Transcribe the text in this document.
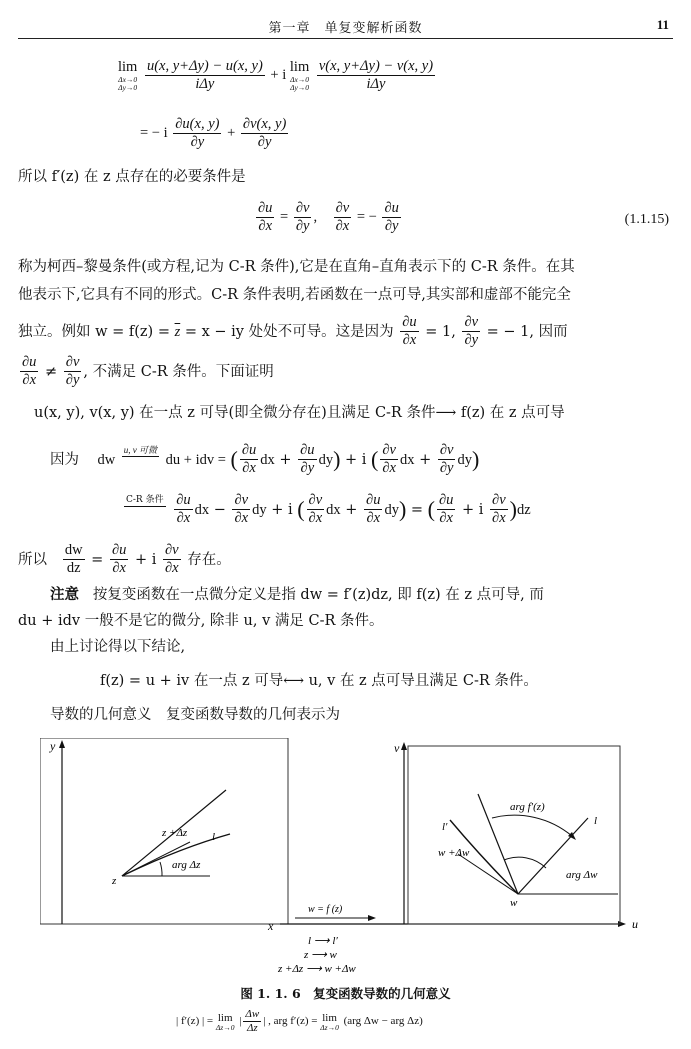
第一章　单复变解析函数	11
lim
Δx→0
Δy→0
$\frac{u(x, y+\Delta y) - u(x, y)}{\text{iΔy}} + i$
lim
Δx→0
Δy→0
$\frac{v(x, y+\Delta y) - v(x, y)}{\text{iΔy}}$
= − i $\frac{\partial u(x, y)}{\partial y} + \frac{\partial v(x, y)}{\partial y}$
所以 f′(z) 在 z 点存在的必要条件是
$\frac{\partial u}{\partial x} = \frac{\partial v}{\partial y}$ , $\frac{\partial v}{\partial x}$ = − $\frac{\partial u}{\partial y}$	(1.1.15)
称为柯西–黎曼条件(或方程,记为 C-R 条件),它是在直角–直角表示下的 C-R 条件。在其
他表示下,它具有不同的形式。C-R 条件表明,若函数在一点可导,其实部和虚部不能完全
独立。例如 $w = f(z) = \overline{z} = x$ − iy 处处不可导。这是因为 $\frac{\partial u}{\partial x} = 1$, $\frac{\partial v}{\partial y}$ = − 1, 因而
$\frac{\partial u}{\partial x} \ne \frac{\partial v}{\partial y}$ , 不满足 C-R 条件。下面证明
u(x, y), v(x, y) 在一点 z 可导(即全微分存在)且满足 C-R 条件⟶ f(z) 在 z 点可导
因为 dw
u, v 可微

du + idv = ( $\frac{\partial u}{\partial x}$ dx + $\frac{\partial u}{\partial y} dy) + i$ ( $\frac{\partial v}{\partial x}$ dx + $\frac{\partial v}{\partial y} dy$)
C-R 条件

$\frac{\partial u}{\partial x}$ dx − $\frac{\partial v}{\partial x}$ dy + i ( $\frac{\partial v}{\partial x}$ dx + $\frac{\partial u}{\partial x} dy$) = ( $\frac{\partial u}{\partial x} + i \frac{\partial v}{\partial x} )dz$
所以 $\frac{dw}{dz} = \frac{\partial u}{\partial x} + i \frac{\partial v}{\partial x}$ 存在。
注意 按复变函数在一点微分定义是指 dw = f′(z)dz, 即 f(z) 在 z 点可导, 而
du + idv 一般不是它的微分, 除非 u, v 满足 C-R 条件。
由上讨论得以下结论,
f(z) = u + iv 在一点 z 可导⟷ u, v 在 z 点可导且满足 C-R 条件。
导数的几何意义　复变函数导数的几何表示为
y
z
z +Δz l
arg Δz
x
w = f (z)
v
u
w
w +Δw
l′	l
arg f′(z)
arg Δw
l ⟶ l′
z ⟶ w
z +Δz ⟶ w +Δw
图 1. 1. 6　复变函数导数的几何意义
| f′(z) | = lim
Δz→0 | $\frac{\Delta w}{\Delta z}$ | , arg f′(z) = lim
Δz→0 (arg Δw − arg Δz)
